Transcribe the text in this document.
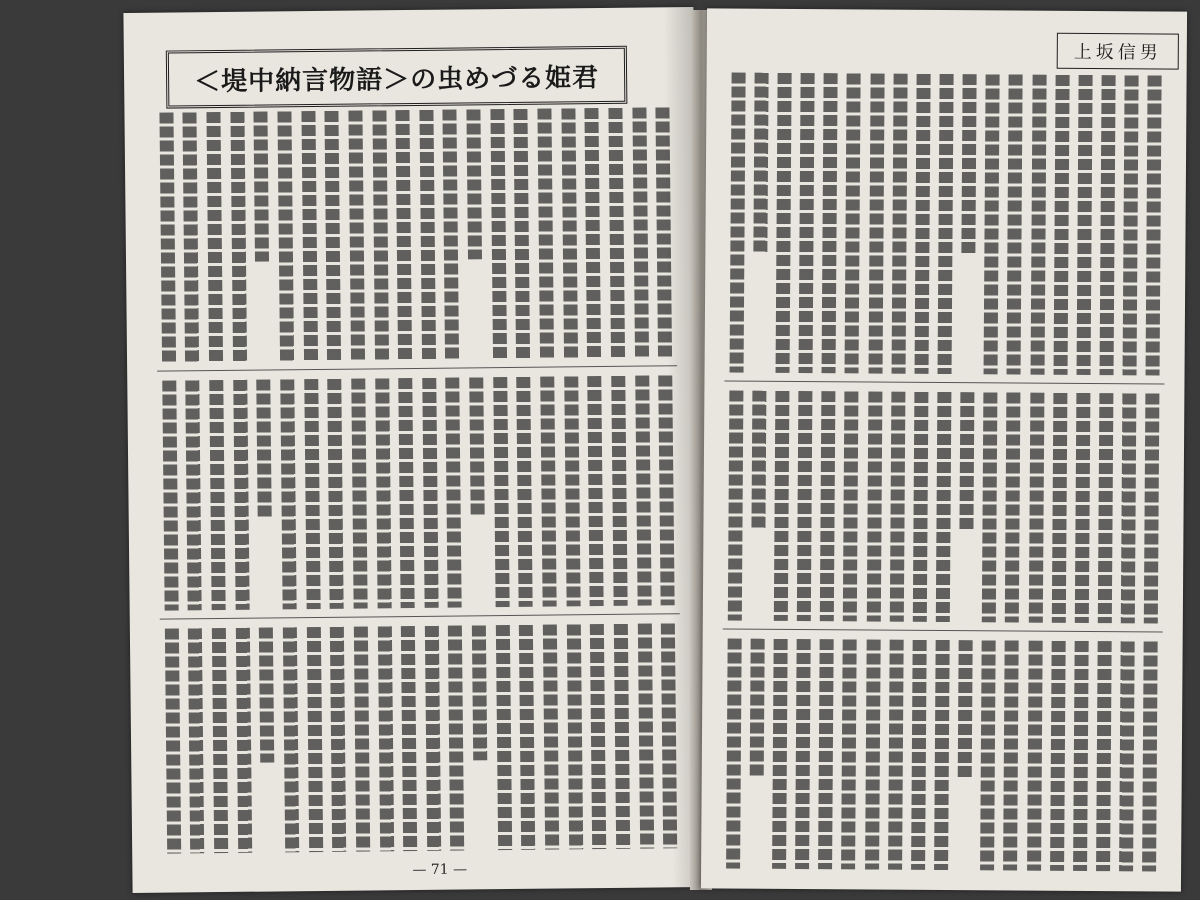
＜堤中納言物語＞の虫めづる姫君
— 71 —
上坂信男
